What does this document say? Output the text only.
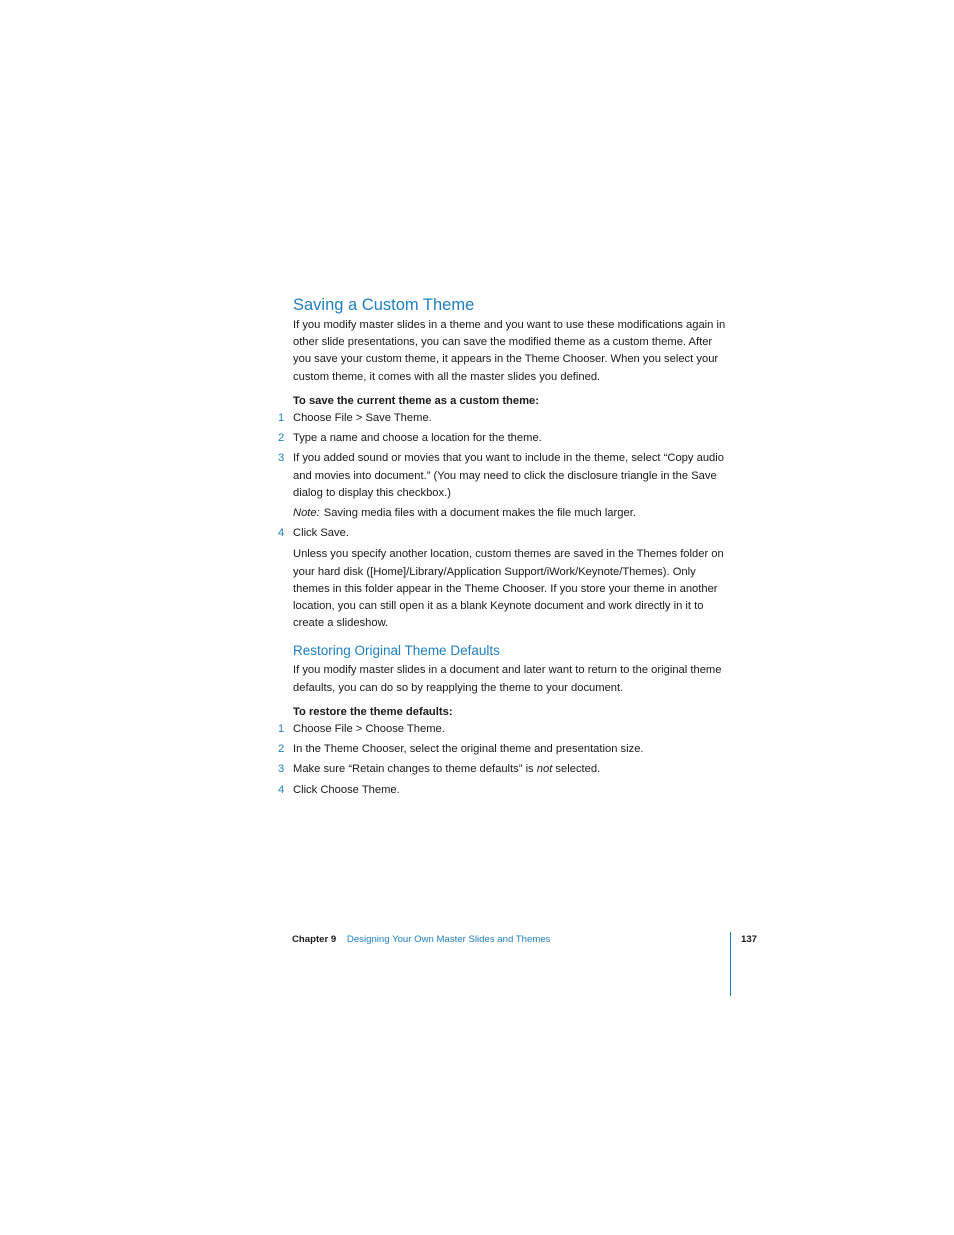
Saving a Custom Theme

If you modify master slides in a theme and you want to use these modifications again in other slide presentations, you can save the modified theme as a custom theme. After you save your custom theme, it appears in the Theme Chooser. When you select your custom theme, it comes with all the master slides you defined.

To save the current theme as a custom theme:

1 Choose File > Save Theme.
2 Type a name and choose a location for the theme.
3 If you added sound or movies that you want to include in the theme, select “Copy audio and movies into document.” (You may need to click the disclosure triangle in the Save dialog to display this checkbox.)
Note: Saving media files with a document makes the file much larger.
4 Click Save.

Unless you specify another location, custom themes are saved in the Themes folder on your hard disk ([Home]/Library/Application Support/iWork/Keynote/Themes). Only themes in this folder appear in the Theme Chooser. If you store your theme in another location, you can still open it as a blank Keynote document and work directly in it to create a slideshow.

Restoring Original Theme Defaults

If you modify master slides in a document and later want to return to the original theme defaults, you can do so by reapplying the theme to your document.

To restore the theme defaults:

1 Choose File > Choose Theme.
2 In the Theme Chooser, select the original theme and presentation size.
3 Make sure “Retain changes to theme defaults” is not selected.
4 Click Choose Theme.
Chapter 9 Designing Your Own Master Slides and Themes	137
